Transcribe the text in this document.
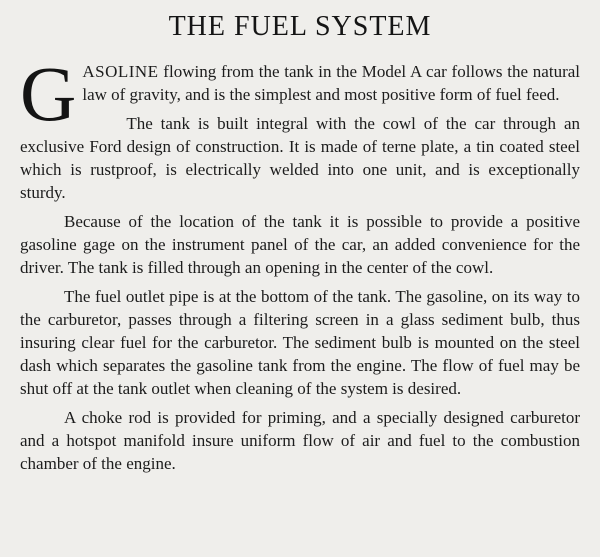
THE FUEL SYSTEM

GASOLINE flowing from the tank in the Model A car follows the natural law of gravity, and is the simplest and most positive form of fuel feed.

The tank is built integral with the cowl of the car through an exclusive Ford design of construction. It is made of terne plate, a tin coated steel which is rustproof, is electrically welded into one unit, and is exceptionally sturdy.

Because of the location of the tank it is possible to provide a positive gasoline gage on the instrument panel of the car, an added convenience for the driver. The tank is filled through an opening in the center of the cowl.

The fuel outlet pipe is at the bottom of the tank. The gasoline, on its way to the carburetor, passes through a filtering screen in a glass sediment bulb, thus insuring clear fuel for the carburetor. The sediment bulb is mounted on the steel dash which separates the gasoline tank from the engine. The flow of fuel may be shut off at the tank outlet when cleaning of the system is desired.

A choke rod is provided for priming, and a specially designed carburetor and a hotspot manifold insure uniform flow of air and fuel to the combustion chamber of the engine.
